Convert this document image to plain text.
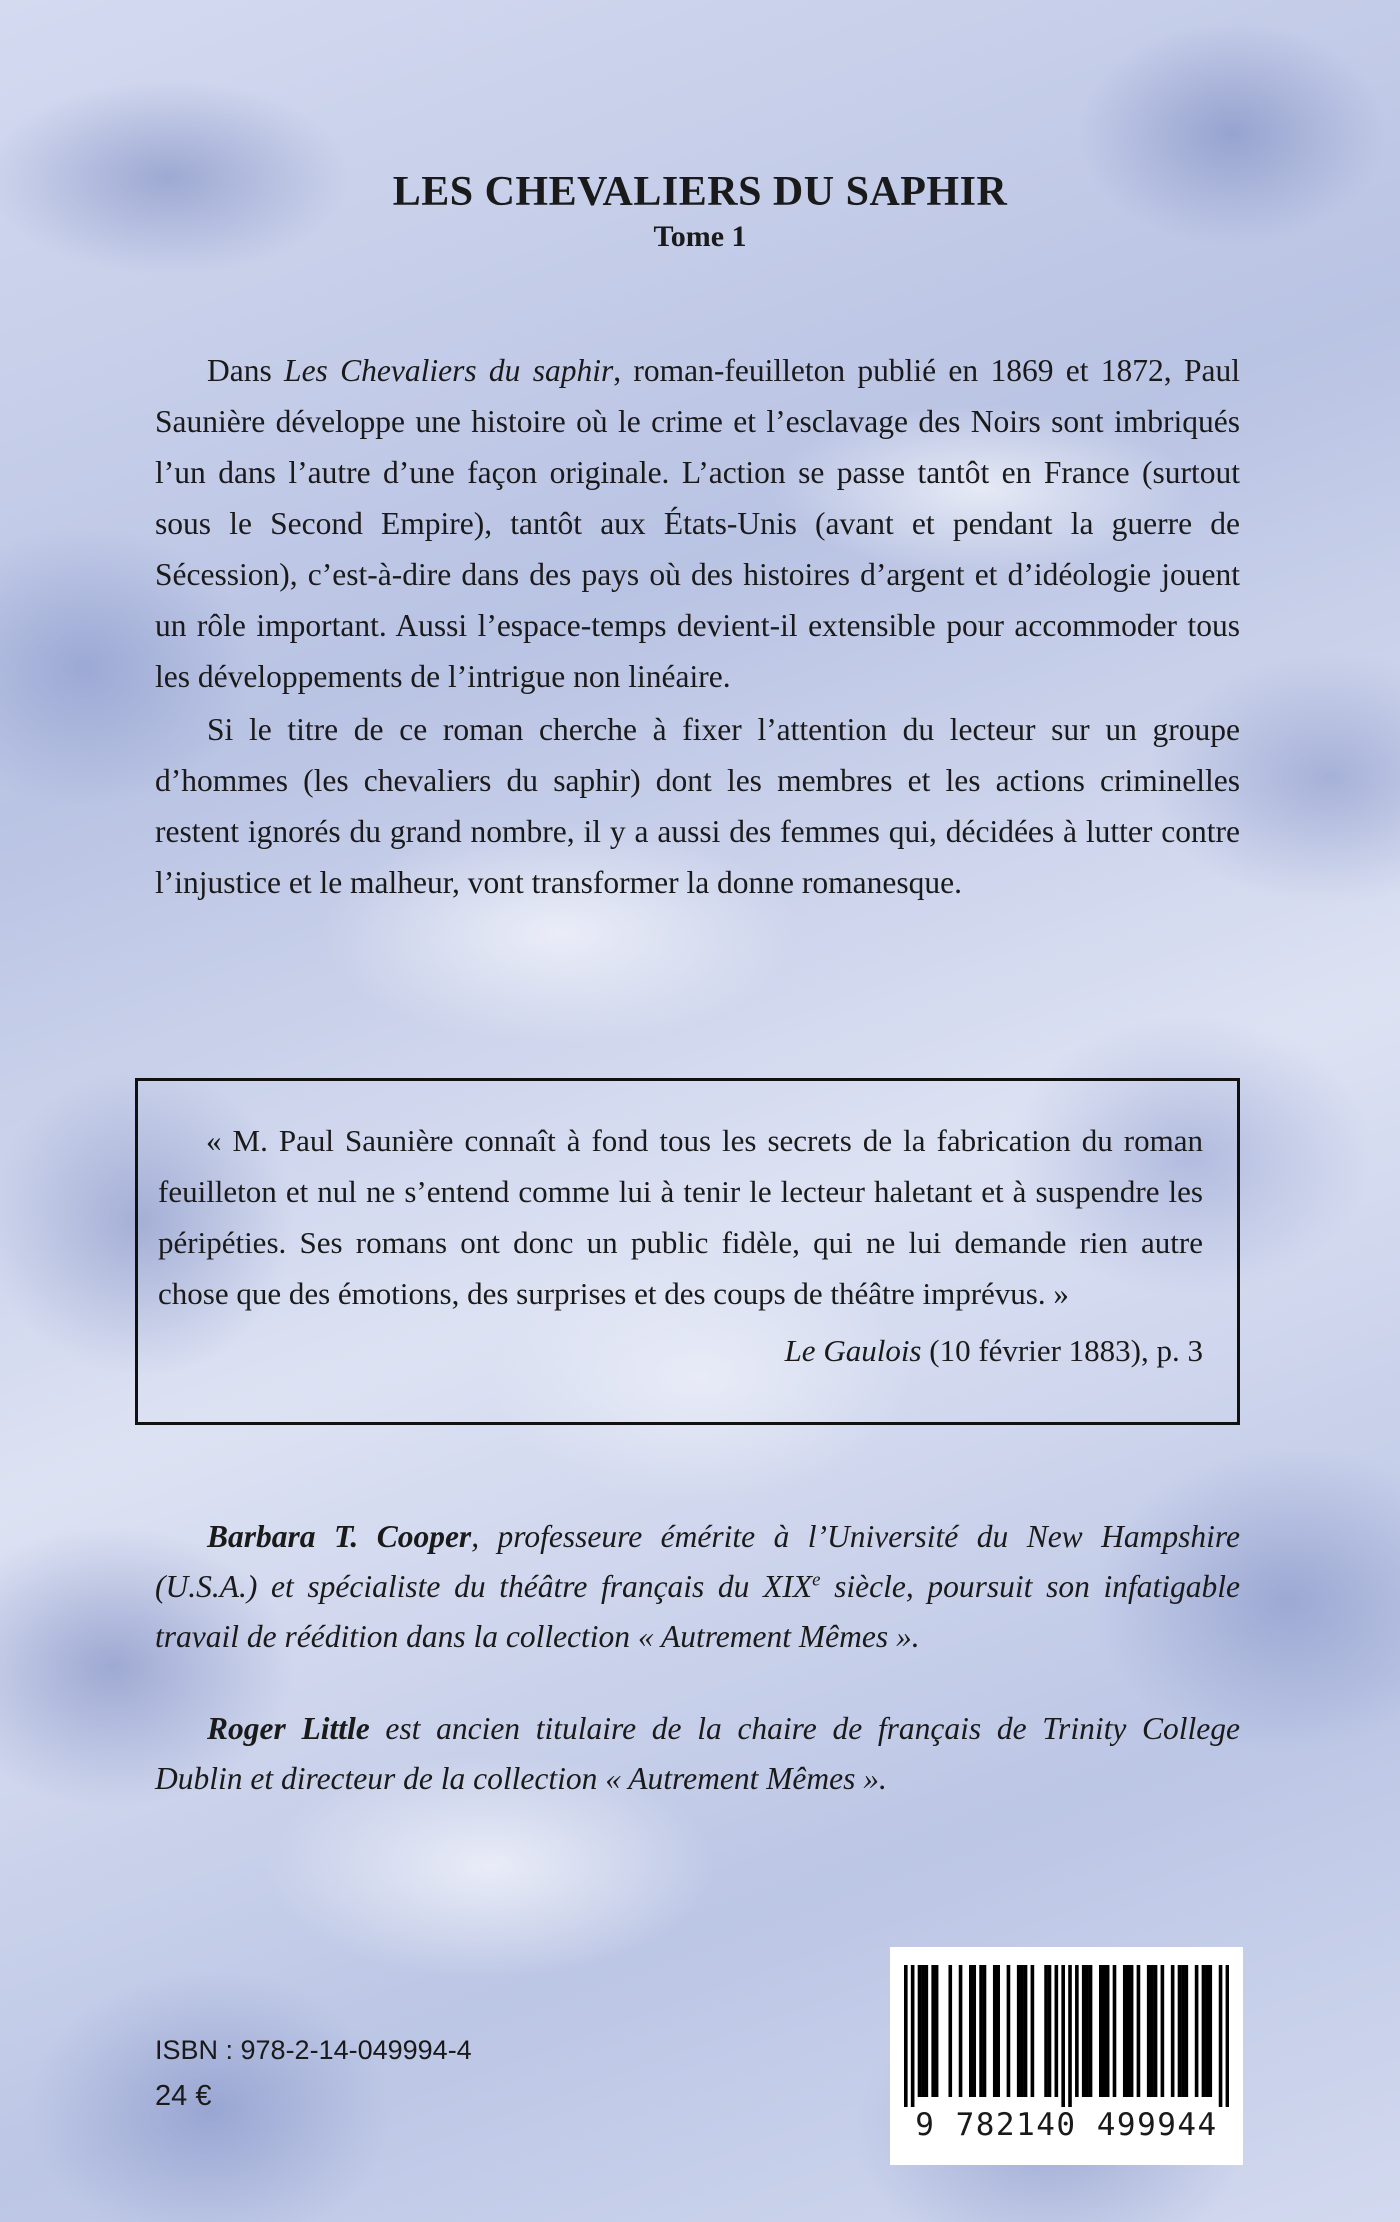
LES CHEVALIERS DU SAPHIR
Tome 1

Dans Les Chevaliers du saphir, roman-feuilleton publié en 1869 et 1872, Paul Saunière développe une histoire où le crime et l’esclavage des Noirs sont imbriqués l’un dans l’autre d’une façon originale. L’action se passe tantôt en France (surtout sous le Second Empire), tantôt aux États-Unis (avant et pendant la guerre de Sécession), c’est-à-dire dans des pays où des histoires d’argent et d’idéologie jouent un rôle important. Aussi l’espace-temps devient-il extensible pour accommoder tous les développements de l’intrigue non linéaire.

Si le titre de ce roman cherche à fixer l’attention du lecteur sur un groupe d’hommes (les chevaliers du saphir) dont les membres et les actions criminelles restent ignorés du grand nombre, il y a aussi des femmes qui, décidées à lutter contre l’injustice et le malheur, vont transformer la donne romanesque.

« M. Paul Saunière connaît à fond tous les secrets de la fabrication du roman feuilleton et nul ne s’entend comme lui à tenir le lecteur haletant et à suspendre les péripéties. Ses romans ont donc un public fidèle, qui ne lui demande rien autre chose que des émotions, des surprises et des coups de théâtre imprévus. »

Le Gaulois (10 février 1883), p. 3

Barbara T. Cooper, professeure émérite à l’Université du New Hampshire (U.S.A.) et spécialiste du théâtre français du XIXe siècle, poursuit son infatigable travail de réédition dans la collection « Autrement Mêmes ».

Roger Little est ancien titulaire de la chaire de français de Trinity College Dublin et directeur de la collection « Autrement Mêmes ».

ISBN : 978-2-14-049994-4
24 €
9 782140 499944
